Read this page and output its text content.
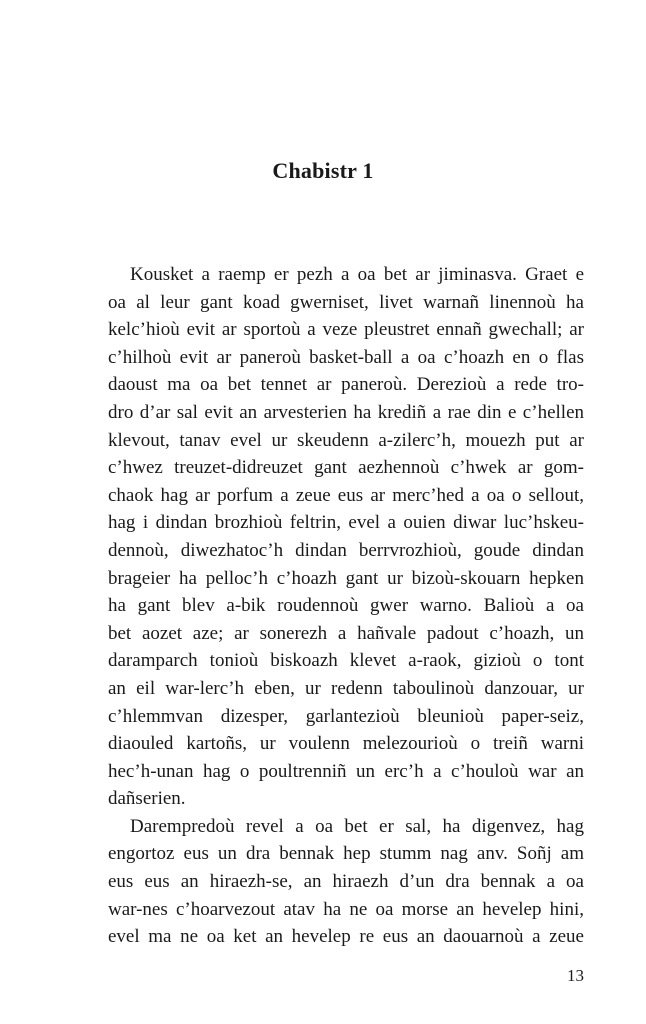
Chabistr 1
Kousket a raemp er pezh a oa bet ar jiminasva. Graet e
oa al leur gant koad gwerniset, livet warnañ linennoù ha
kelc’hioù evit ar sportoù a veze pleustret ennañ gwechall; ar
c’hilhoù evit ar paneroù basket-ball a oa c’hoazh en o flas
daoust ma oa bet tennet ar paneroù. Derezioù a rede tro-
dro d’ar sal evit an arvesterien ha krediñ a rae din e c’hellen
klevout, tanav evel ur skeudenn a-zilerc’h, mouezh put ar
c’hwez treuzet-didreuzet gant aezhennoù c’hwek ar gom-
chaok hag ar porfum a zeue eus ar merc’hed a oa o sellout,
hag i dindan brozhioù feltrin, evel a ouien diwar luc’hskeu-
dennoù, diwezhatoc’h dindan berrvrozhioù, goude dindan
brageier ha pelloc’h c’hoazh gant ur bizoù-skouarn hepken
ha gant blev a-bik roudennoù gwer warno. Balioù a oa
bet aozet aze; ar sonerezh a hañvale padout c’hoazh, un
daramparch tonioù biskoazh klevet a-raok, gizioù o tont
an eil war-lerc’h eben, ur redenn taboulinoù danzouar, ur
c’hlemmvan dizesper, garlantezioù bleunioù paper-seiz,
diaouled kartoñs, ur voulenn melezourioù o treiñ warni
hec’h-unan hag o poultrenniñ un erc’h a c’houloù war an
dañserien.
Darempredoù revel a oa bet er sal, ha digenvez, hag
engortoz eus un dra bennak hep stumm nag anv. Soñj am
eus eus an hiraezh-se, an hiraezh d’un dra bennak a oa
war-nes c’hoarvezout atav ha ne oa morse an hevelep hini,
evel ma ne oa ket an hevelep re eus an daouarnoù a zeue
13
